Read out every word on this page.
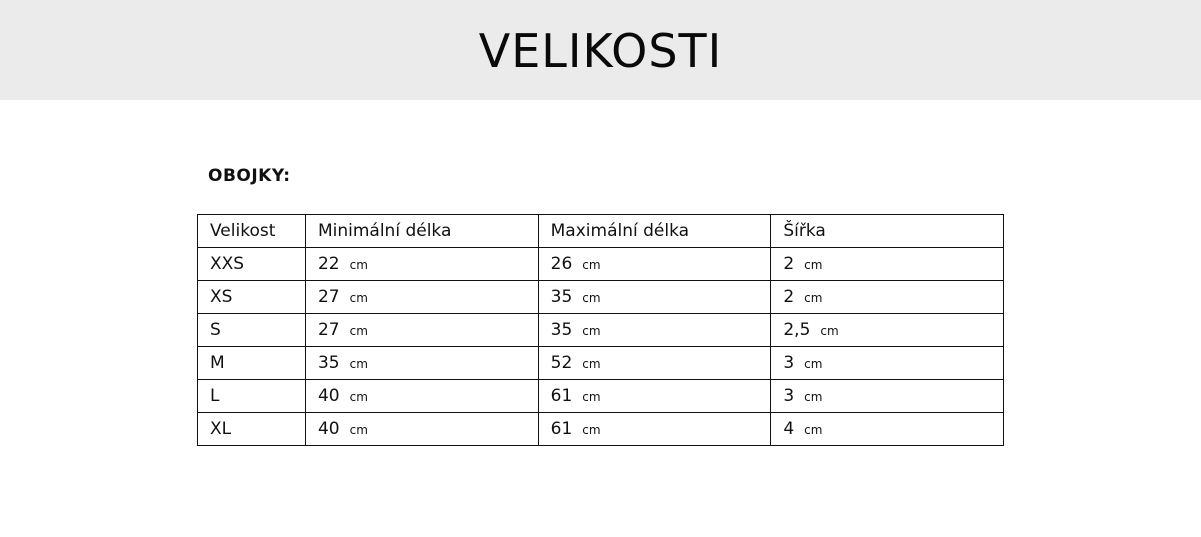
VELIKOSTI
OBOJKY:
Velikost	Minimální délka	Maximální délka	Šířka
XXS	22 cm	26 cm	2 cm
XS	27 cm	35 cm	2 cm
S	27 cm	35 cm	2,5 cm
M	35 cm	52 cm	3 cm
L	40 cm	61 cm	3 cm
XL	40 cm	61 cm	4 cm
